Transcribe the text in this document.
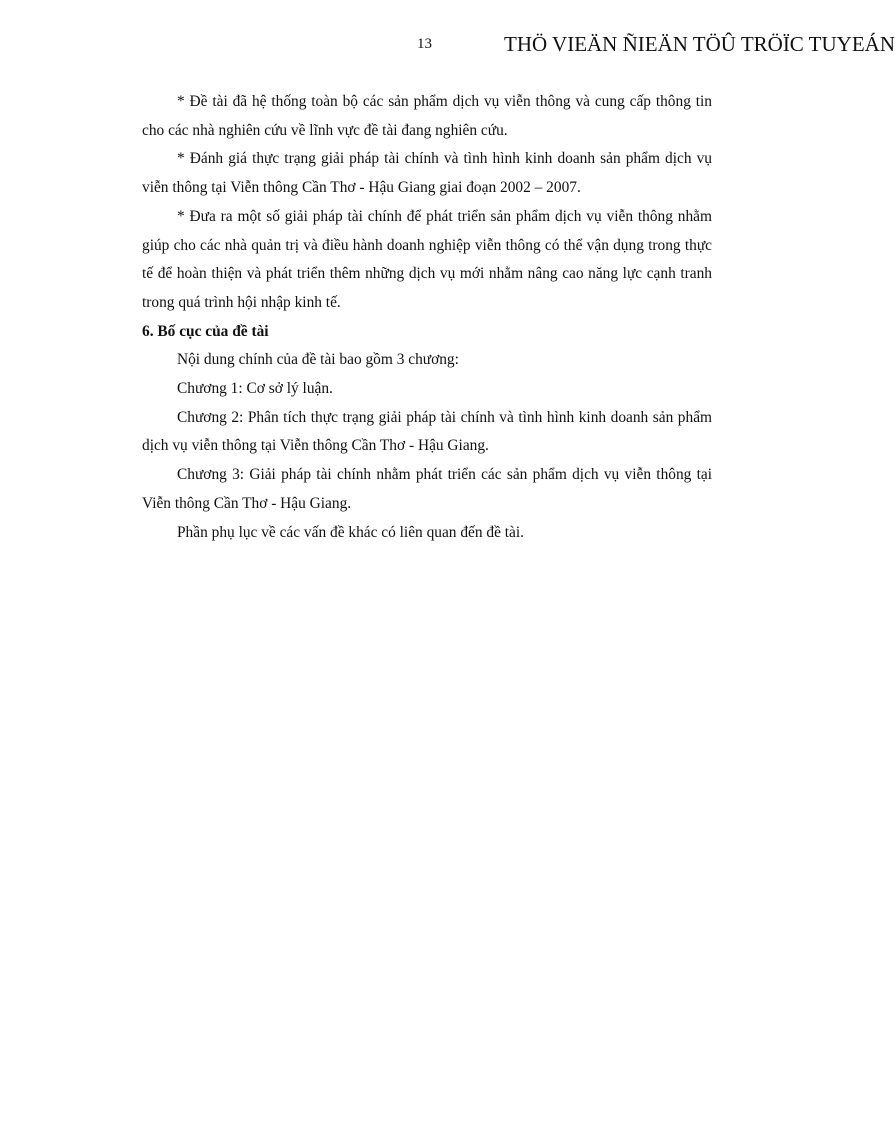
13	THÖ VIEÄN ÑIEÄN TÖÛ TRÖÏC TUYEÁN

* Đề tài đã hệ thống toàn bộ các sản phẩm dịch vụ viễn thông và cung cấp thông tin cho các nhà nghiên cứu về lĩnh vực đề tài đang nghiên cứu.

* Đánh giá thực trạng giải pháp tài chính và tình hình kinh doanh sản phẩm dịch vụ viễn thông tại Viễn thông Cần Thơ - Hậu Giang giai đoạn 2002 – 2007.

* Đưa ra một số giải pháp tài chính để phát triển sản phẩm dịch vụ viễn thông nhằm giúp cho các nhà quản trị và điều hành doanh nghiệp viễn thông có thể vận dụng trong thực tế để hoàn thiện và phát triển thêm những dịch vụ mới nhằm nâng cao năng lực cạnh tranh trong quá trình hội nhập kinh tế.

6. Bố cục của đề tài

Nội dung chính của đề tài bao gồm 3 chương:

Chương 1: Cơ sở lý luận.

Chương 2: Phân tích thực trạng giải pháp tài chính và tình hình kinh doanh sản phẩm dịch vụ viễn thông tại Viễn thông Cần Thơ - Hậu Giang.

Chương 3: Giải pháp tài chính nhằm phát triển các sản phẩm dịch vụ viễn thông tại Viễn thông Cần Thơ - Hậu Giang.

Phần phụ lục về các vấn đề khác có liên quan đến đề tài.
